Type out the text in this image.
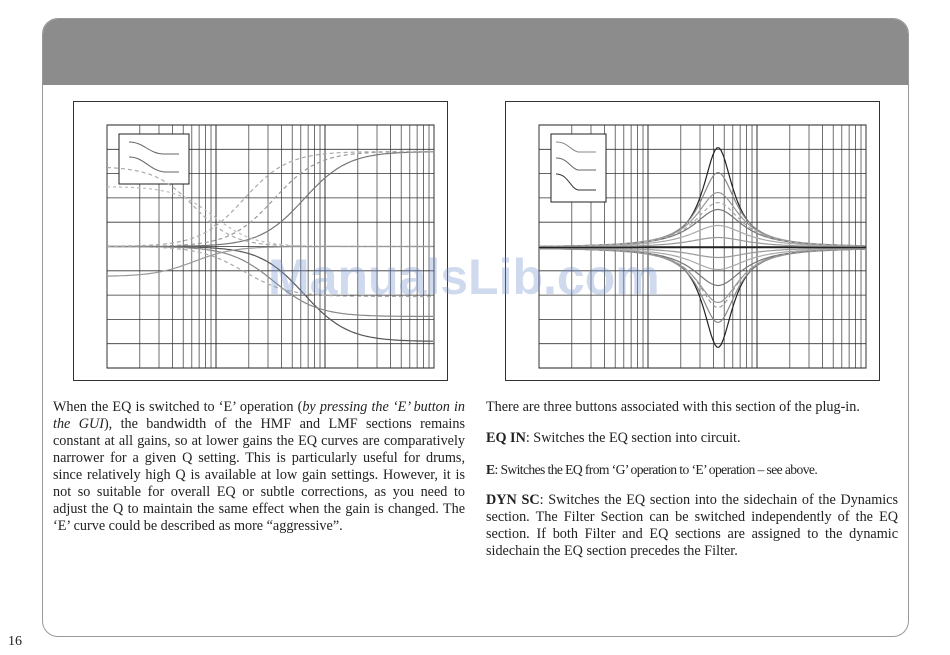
When the EQ is switched to ‘E’ operation (by pressing the ‘E’ button in the GUI), the bandwidth of the HMF and LMF sections remains constant at all gains, so at lower gains the EQ curves are comparatively narrower for a given Q setting. This is particularly useful for drums, since relatively high Q is available at low gain settings. However, it is not so suitable for overall EQ or subtle corrections, as you need to adjust the Q to maintain the same effect when the gain is changed. The ‘E’ curve could be described as more “aggressive”.

There are three buttons associated with this section of the plug-in.

EQ IN: Switches the EQ section into circuit.

E: Switches the EQ from ‘G’ operation to ‘E’ operation – see above.

DYN SC: Switches the EQ section into the sidechain of the Dynamics section. The Filter Section can be switched independently of the EQ section. If both Filter and EQ sections are assigned to the dynamic sidechain the EQ section precedes the Filter.

ManualsLib.com
16
